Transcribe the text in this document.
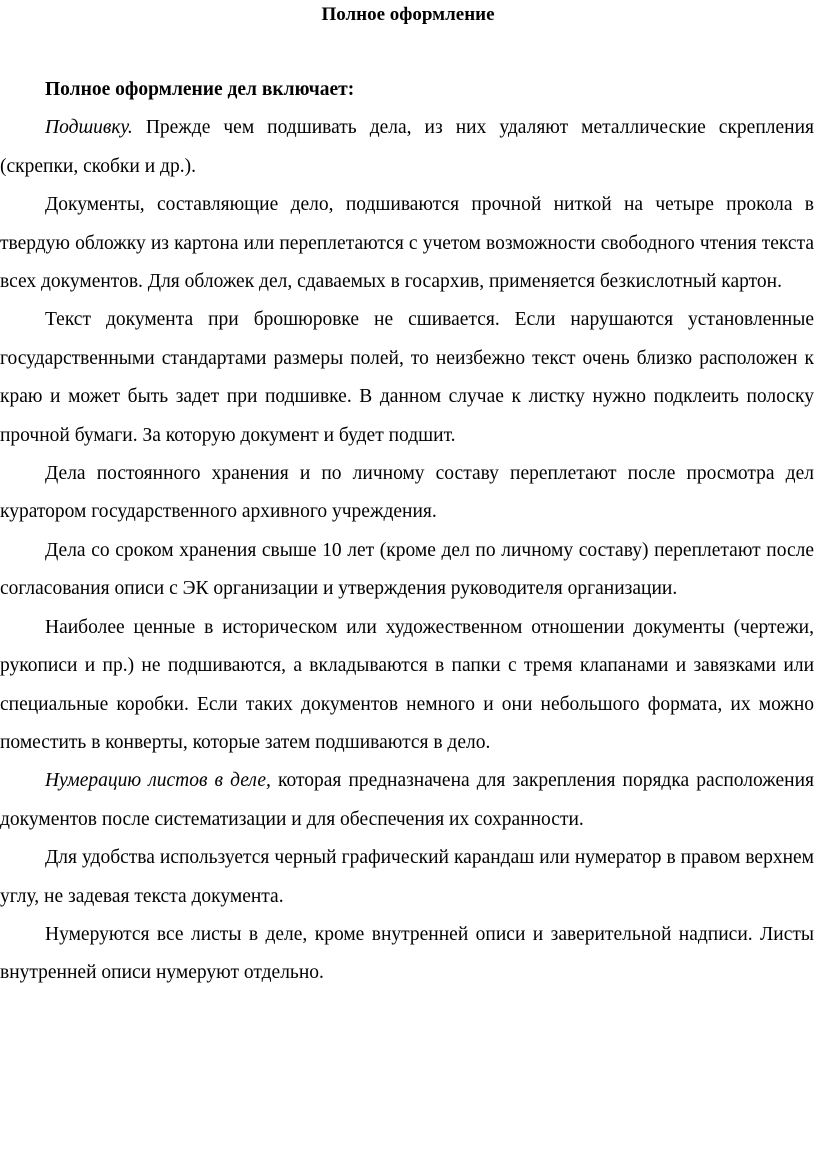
Полное оформление

Полное оформление дел включает:

Подшивку. Прежде чем подшивать дела, из них удаляют металлические скрепления (скрепки, скобки и др.).

Документы, составляющие дело, подшиваются прочной ниткой на четыре прокола в твердую обложку из картона или переплетаются с учетом возможности свободного чтения текста всех документов. Для обложек дел, сдаваемых в госархив, применяется безкислотный картон.

Текст документа при брошюровке не сшивается. Если нарушаются установленные государственными стандартами размеры полей, то неизбежно текст очень близко расположен к краю и может быть задет при подшивке. В данном случае к листку нужно подклеить полоску прочной бумаги. За которую документ и будет подшит.

Дела постоянного хранения и по личному составу переплетают после просмотра дел куратором государственного архивного учреждения.

Дела со сроком хранения свыше 10 лет (кроме дел по личному составу) переплетают после согласования описи с ЭК организации и утверждения руководителя организации.

Наиболее ценные в историческом или художественном отношении документы (чертежи, рукописи и пр.) не подшиваются, а вкладываются в папки с тремя клапанами и завязками или специальные коробки. Если таких документов немного и они небольшого формата, их можно поместить в конверты, которые затем подшиваются в дело.

Нумерацию листов в деле, которая предназначена для закрепления порядка расположения документов после систематизации и для обеспечения их сохранности.

Для удобства используется черный графический карандаш или нумератор в правом верхнем углу, не задевая текста документа.

Нумеруются все листы в деле, кроме внутренней описи и заверительной надписи. Листы внутренней описи нумеруют отдельно.
